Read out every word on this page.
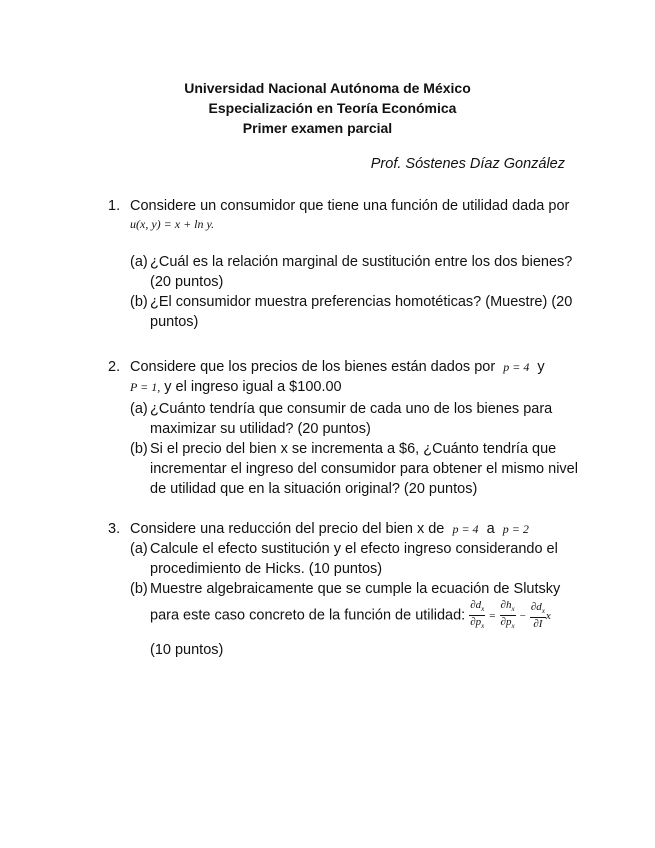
Universidad Nacional Autónoma de México
Especialización en Teoría Económica
Primer examen parcial
Prof. Sóstenes Díaz González
1. Considere un consumidor que tiene una función de utilidad dada por
u(x, y) = x + ln y.
(a) ¿Cuál es la relación marginal de sustitución entre los dos bienes? (20 puntos)
(b) ¿El consumidor muestra preferencias homotéticas? (Muestre) (20 puntos)
2. Considere que los precios de los bienes están dados por p = 4 y
P = 1, y el ingreso igual a $100.00
(a) ¿Cuánto tendría que consumir de cada uno de los bienes para maximizar su utilidad? (20 puntos)
(b) Si el precio del bien x se incrementa a $6, ¿Cuánto tendría que incrementar el ingreso del consumidor para obtener el mismo nivel de utilidad que en la situación original? (20 puntos)
3. Considere una reducción del precio del bien x de p = 4 a p = 2
(a) Calcule el efecto sustitución y el efecto ingreso considerando el procedimiento de Hicks. (10 puntos)
(b) Muestre algebraicamente que se cumple la ecuación de Slutsky para este caso concreto de la función de utilidad: $\frac{\partial d_x}{\partial p_x} = \frac{\partial h_x}{\partial p_x} - \frac{\partial d_x}{\partial I}$ x
(10 puntos)
